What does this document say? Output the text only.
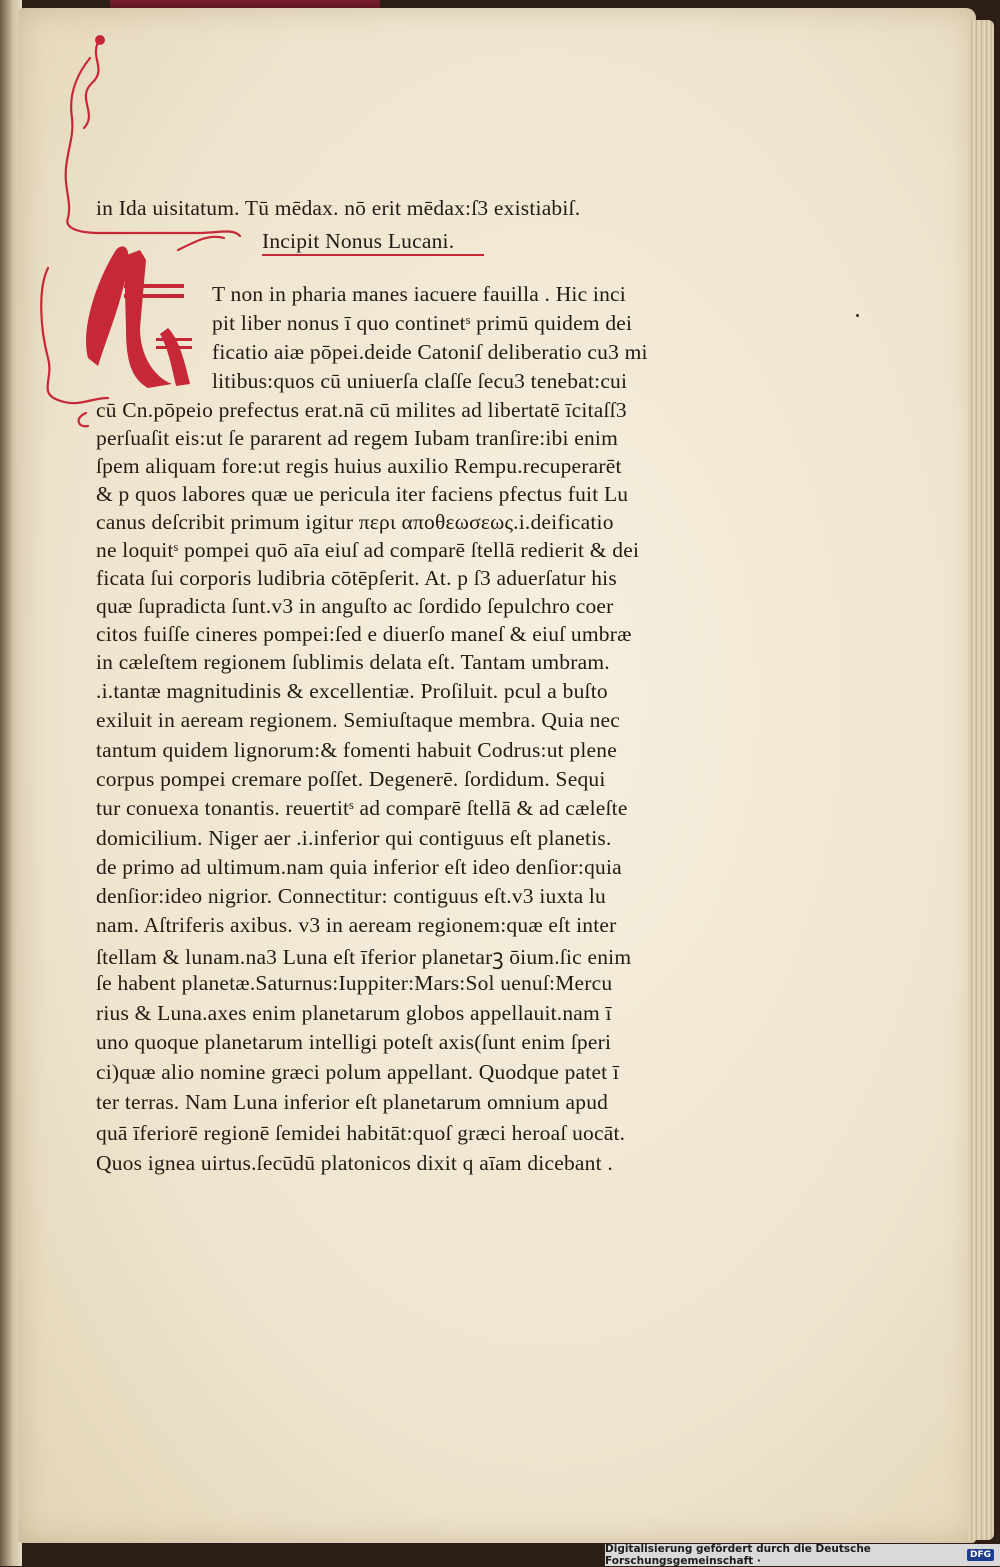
in Ida uisitatum. Tū mēdax. nō erit mēdax:ſ3 existiabiſ.
Incipit Nonus Lucani.
T non in pharia manes iacuere fauilla . Hic inci
pit liber nonus ī quo continetˢ primū quidem dei
ficatio aiæ pōpei.deide Catoniſ deliberatio cu3 mi
litibus:quos cū uniuerſa claſſe ſecu3 tenebat:cui
cū Cn.pōpeio prefectus erat.nā cū milites ad libertatē īcitaſſ3
perſuaſit eis:ut ſe pararent ad regem Iubam tranſire:ibi enim
ſpem aliquam fore:ut regis huius auxilio Rempu.recuperarēt
& p quos labores quæ ue pericula iter faciens pfectus fuit Lu
canus deſcribit primum igitur περι αποθεωσεως.i.deificatio
ne loquitˢ pompei quō aīa eiuſ ad comparē ſtellā redierit & dei
ficata ſui corporis ludibria cōtēpſerit. At. p ſ3 aduerſatur his
quæ ſupradicta ſunt.v3 in anguſto ac ſordido ſepulchro coer
citos fuiſſe cineres pompei:ſed e diuerſo maneſ & eiuſ umbræ
in cæleſtem regionem ſublimis delata eſt. Tantam umbram.
.i.tantæ magnitudinis & excellentiæ. Proſiluit. pcul a buſto
exiluit in aeream regionem. Semiuſtaque membra. Quia nec
tantum quidem lignorum:& fomenti habuit Codrus:ut plene
corpus pompei cremare poſſet. Degenerē. ſordidum. Sequi
tur conuexa tonantis. reuertitˢ ad comparē ſtellā & ad cæleſte
domicilium. Niger aer .i.inferior qui contiguus eſt planetis.
de primo ad ultimum.nam quia inferior eſt ideo denſior:quia
denſior:ideo nigrior. Connectitur: contiguus eſt.v3 iuxta lu
nam. Aſtriferis axibus. v3 in aeream regionem:quæ eſt inter
ſtellam & lunam.na3 Luna eſt īferior planetarꝫ ōium.ſic enim
ſe habent planetæ.Saturnus:Iuppiter:Mars:Sol uenuſ:Mercu
rius & Luna.axes enim planetarum globos appellauit.nam ī
uno quoque planetarum intelligi poteſt axis(ſunt enim ſperi
ci)quæ alio nomine græci polum appellant. Quodque patet ī
ter terras. Nam Luna inferior eſt planetarum omnium apud
quā īferiorē regionē ſemidei habitāt:quoſ græci heroaſ uocāt.
Quos ignea uirtus.ſecūdū platonicos dixit q aīam dicebant .
Digitalisierung gefördert durch die Deutsche Forschungsgemeinschaft ·	DFG
